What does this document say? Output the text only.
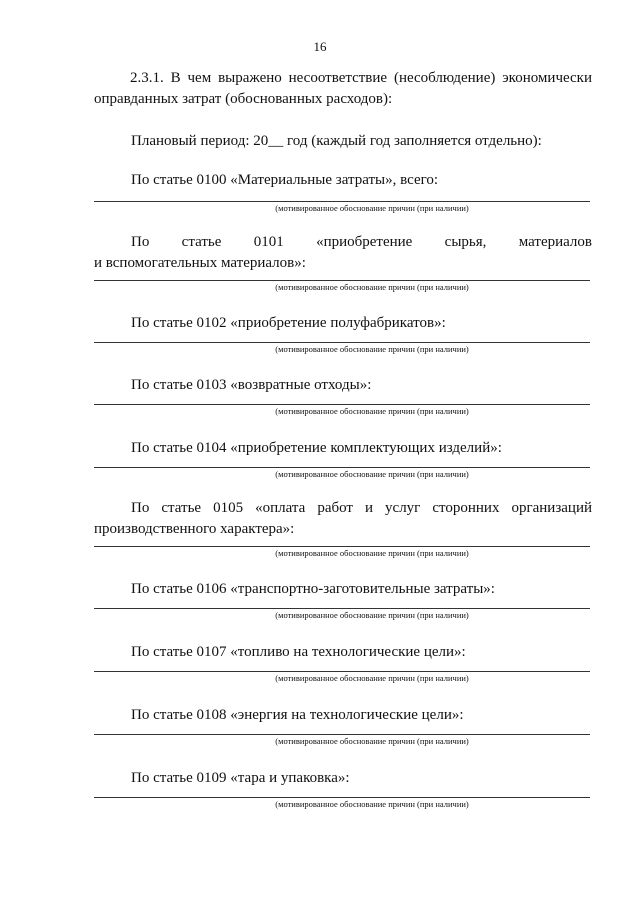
16
2.3.1. В чем выражено несоответствие (несоблюдение) экономически
оправданных затрат (обоснованных расходов):
Плановый период: 20__ год (каждый год заполняется отдельно):
По статье 0100 «Материальные затраты», всего:
(мотивированное обоснование причин (при наличии)
По статье 0101 «приобретение сырья, материалов
и вспомогательных материалов»:
(мотивированное обоснование причин (при наличии)
По статье 0102 «приобретение полуфабрикатов»:
(мотивированное обоснование причин (при наличии)
По статье 0103 «возвратные отходы»:
(мотивированное обоснование причин (при наличии)
По статье 0104 «приобретение комплектующих изделий»:
(мотивированное обоснование причин (при наличии)
По статье 0105 «оплата работ и услуг сторонних организаций
производственного характера»:
(мотивированное обоснование причин (при наличии)
По статье 0106 «транспортно-заготовительные затраты»:
(мотивированное обоснование причин (при наличии)
По статье 0107 «топливо на технологические цели»:
(мотивированное обоснование причин (при наличии)
По статье 0108 «энергия на технологические цели»:
(мотивированное обоснование причин (при наличии)
По статье 0109 «тара и упаковка»:
(мотивированное обоснование причин (при наличии)
